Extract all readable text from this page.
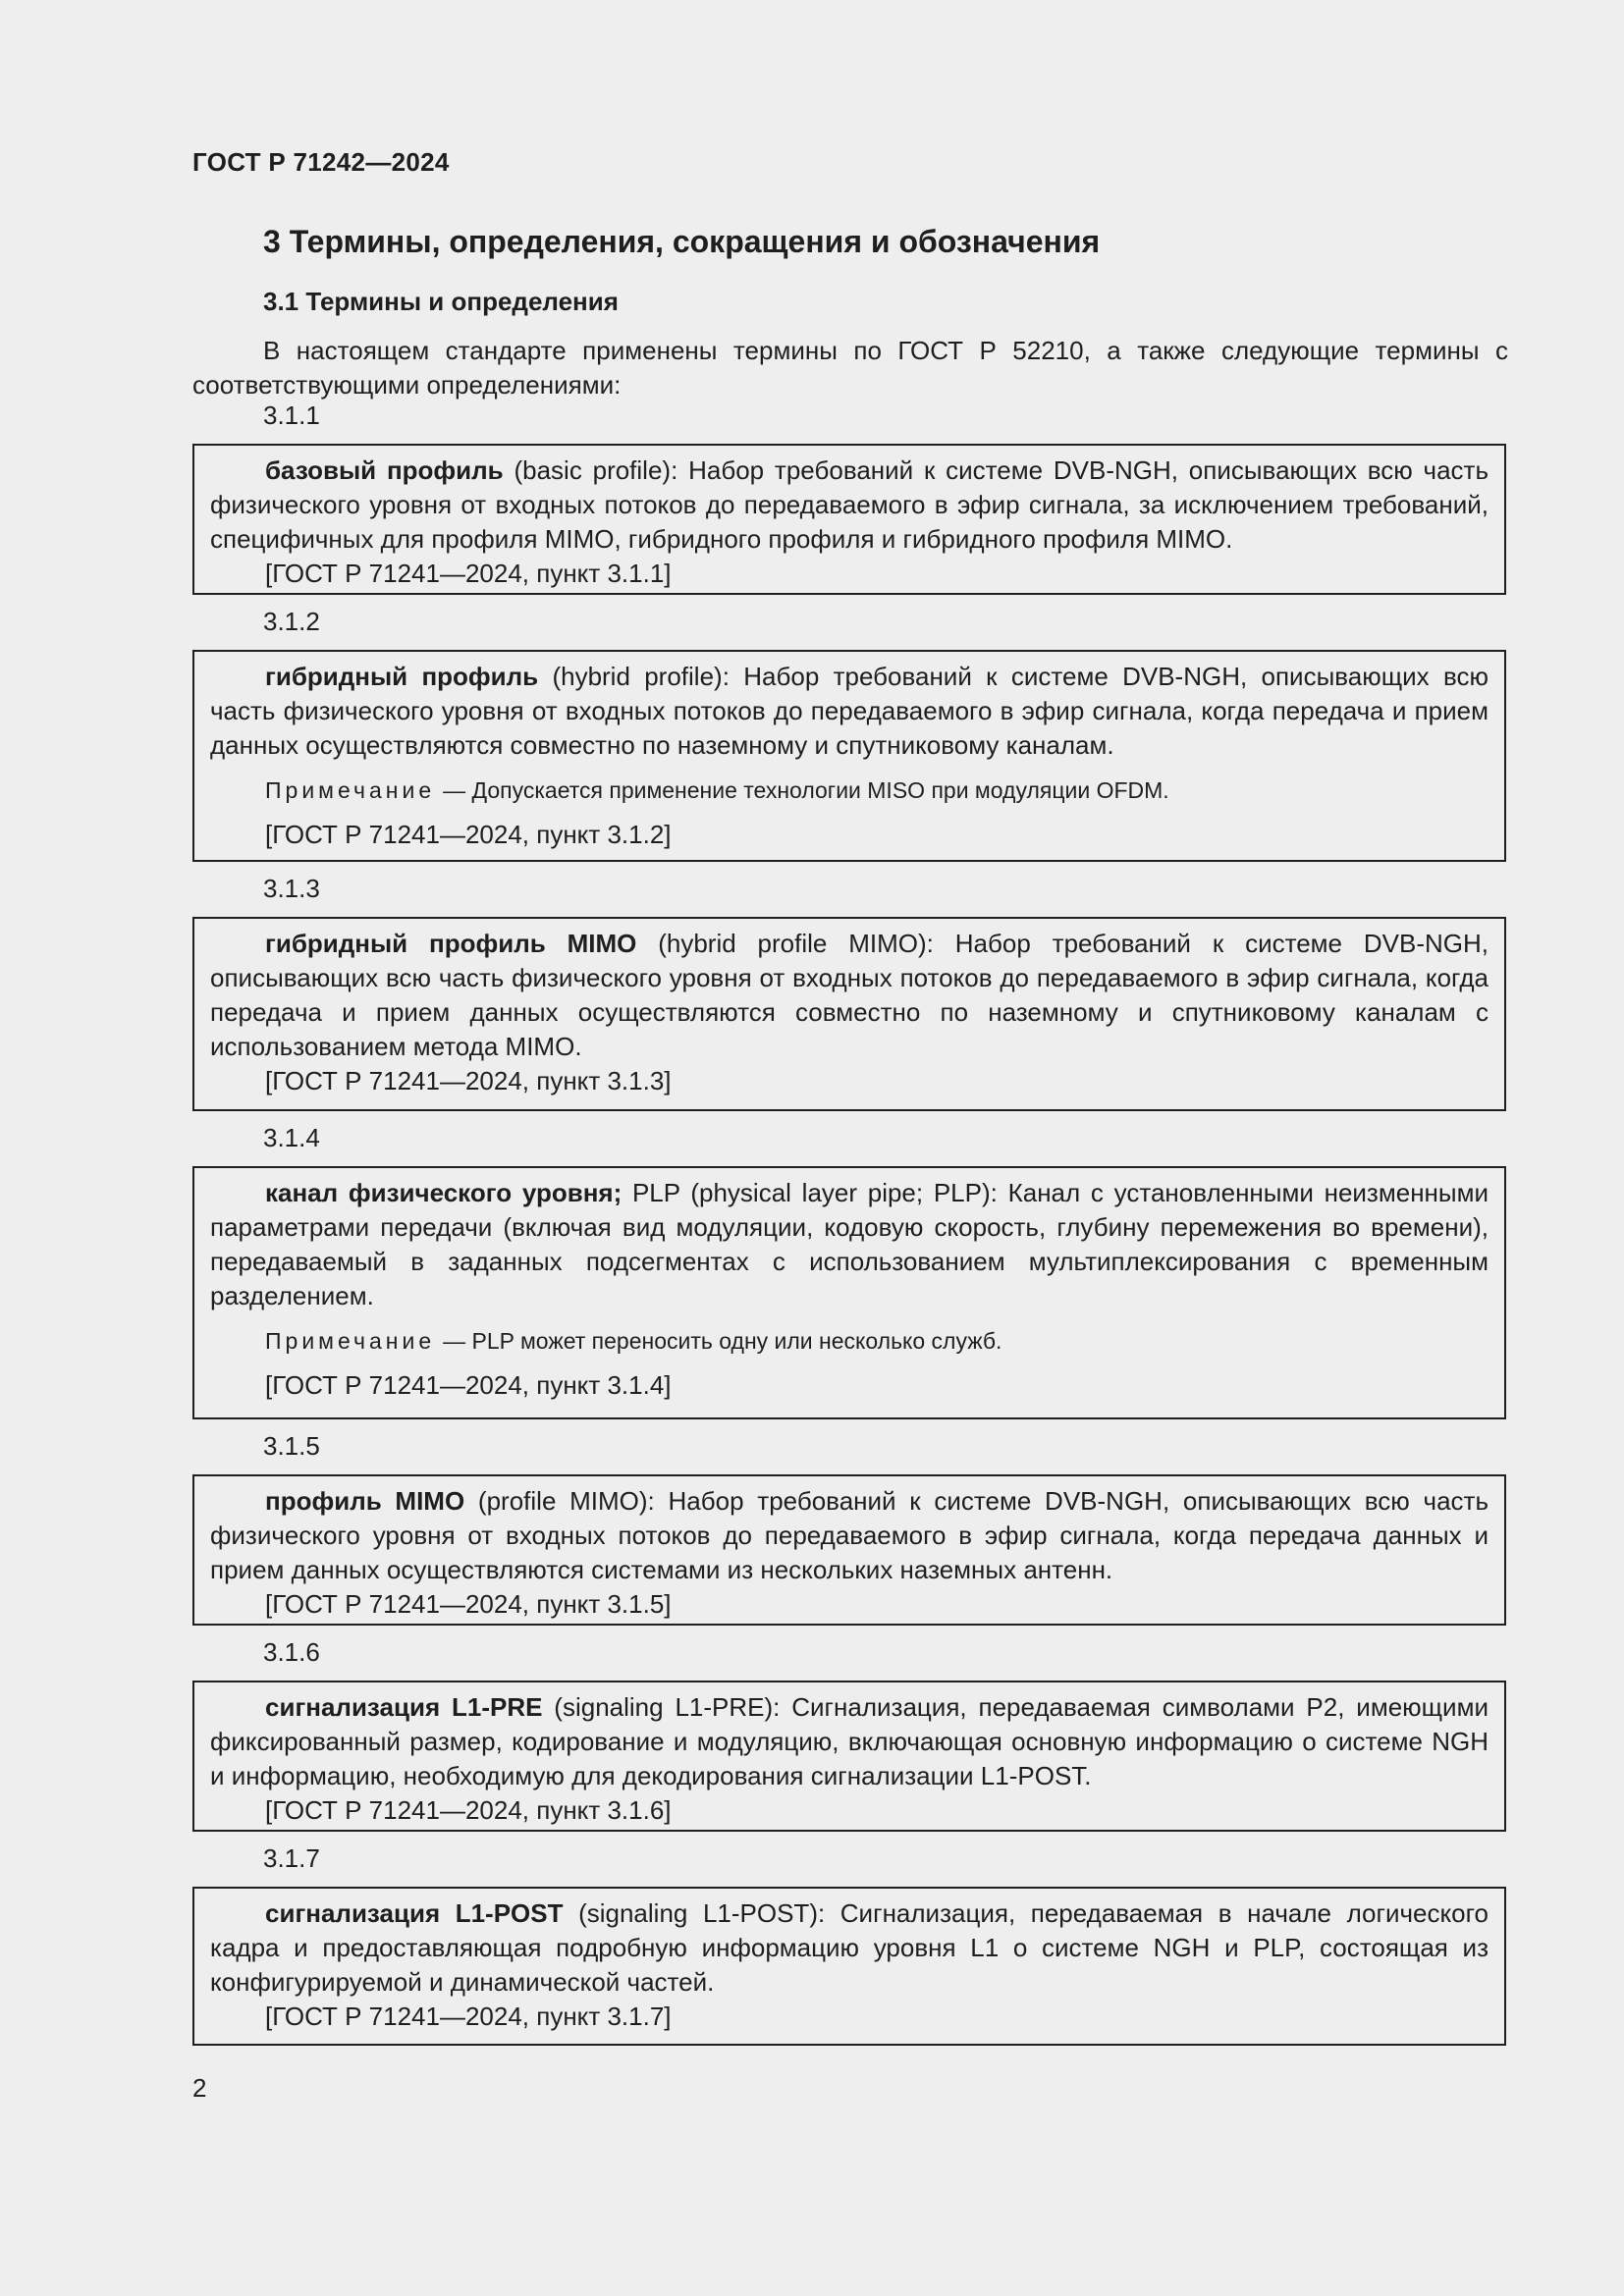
ГОСТ Р 71242—2024
3 Термины, определения, сокращения и обозначения
3.1 Термины и определения

В настоящем стандарте применены термины по ГОСТ Р 52210, а также следующие термины с соответствующими определениями:

3.1.1

базовый профиль (basic profile): Набор требований к системе DVB-NGH, описывающих всю часть физического уровня от входных потоков до передаваемого в эфир сигнала, за исключением требований, специфичных для профиля MIMO, гибридного профиля и гибридного профиля MIMO.

[ГОСТ Р 71241—2024, пункт 3.1.1]

3.1.2

гибридный профиль (hybrid profile): Набор требований к системе DVB-NGH, описывающих всю часть физического уровня от входных потоков до передаваемого в эфир сигнала, когда передача и прием данных осуществляются совместно по наземному и спутниковому каналам.

Примечание — Допускается применение технологии MISO при модуляции OFDM.

[ГОСТ Р 71241—2024, пункт 3.1.2]

3.1.3

гибридный профиль MIMO (hybrid profile MIMO): Набор требований к системе DVB-NGH, описывающих всю часть физического уровня от входных потоков до передаваемого в эфир сигнала, когда передача и прием данных осуществляются совместно по наземному и спутниковому каналам с использованием метода MIMO.

[ГОСТ Р 71241—2024, пункт 3.1.3]

3.1.4

канал физического уровня; PLP (physical layer pipe; PLP): Канал с установленными неизменными параметрами передачи (включая вид модуляции, кодовую скорость, глубину перемежения во времени), передаваемый в заданных подсегментах с использованием мультиплексирования с временным разделением.

Примечание — PLP может переносить одну или несколько служб.

[ГОСТ Р 71241—2024, пункт 3.1.4]

3.1.5

профиль MIMO (profile MIMO): Набор требований к системе DVB-NGH, описывающих всю часть физического уровня от входных потоков до передаваемого в эфир сигнала, когда передача данных и прием данных осуществляются системами из нескольких наземных антенн.

[ГОСТ Р 71241—2024, пункт 3.1.5]

3.1.6

сигнализация L1-PRE (signaling L1-PRE): Сигнализация, передаваемая символами P2, имеющими фиксированный размер, кодирование и модуляцию, включающая основную информацию о системе NGH и информацию, необходимую для декодирования сигнализации L1-POST.

[ГОСТ Р 71241—2024, пункт 3.1.6]

3.1.7

сигнализация L1-POST (signaling L1-POST): Сигнализация, передаваемая в начале логического кадра и предоставляющая подробную информацию уровня L1 о системе NGH и PLP, состоящая из конфигурируемой и динамической частей.

[ГОСТ Р 71241—2024, пункт 3.1.7]

2
